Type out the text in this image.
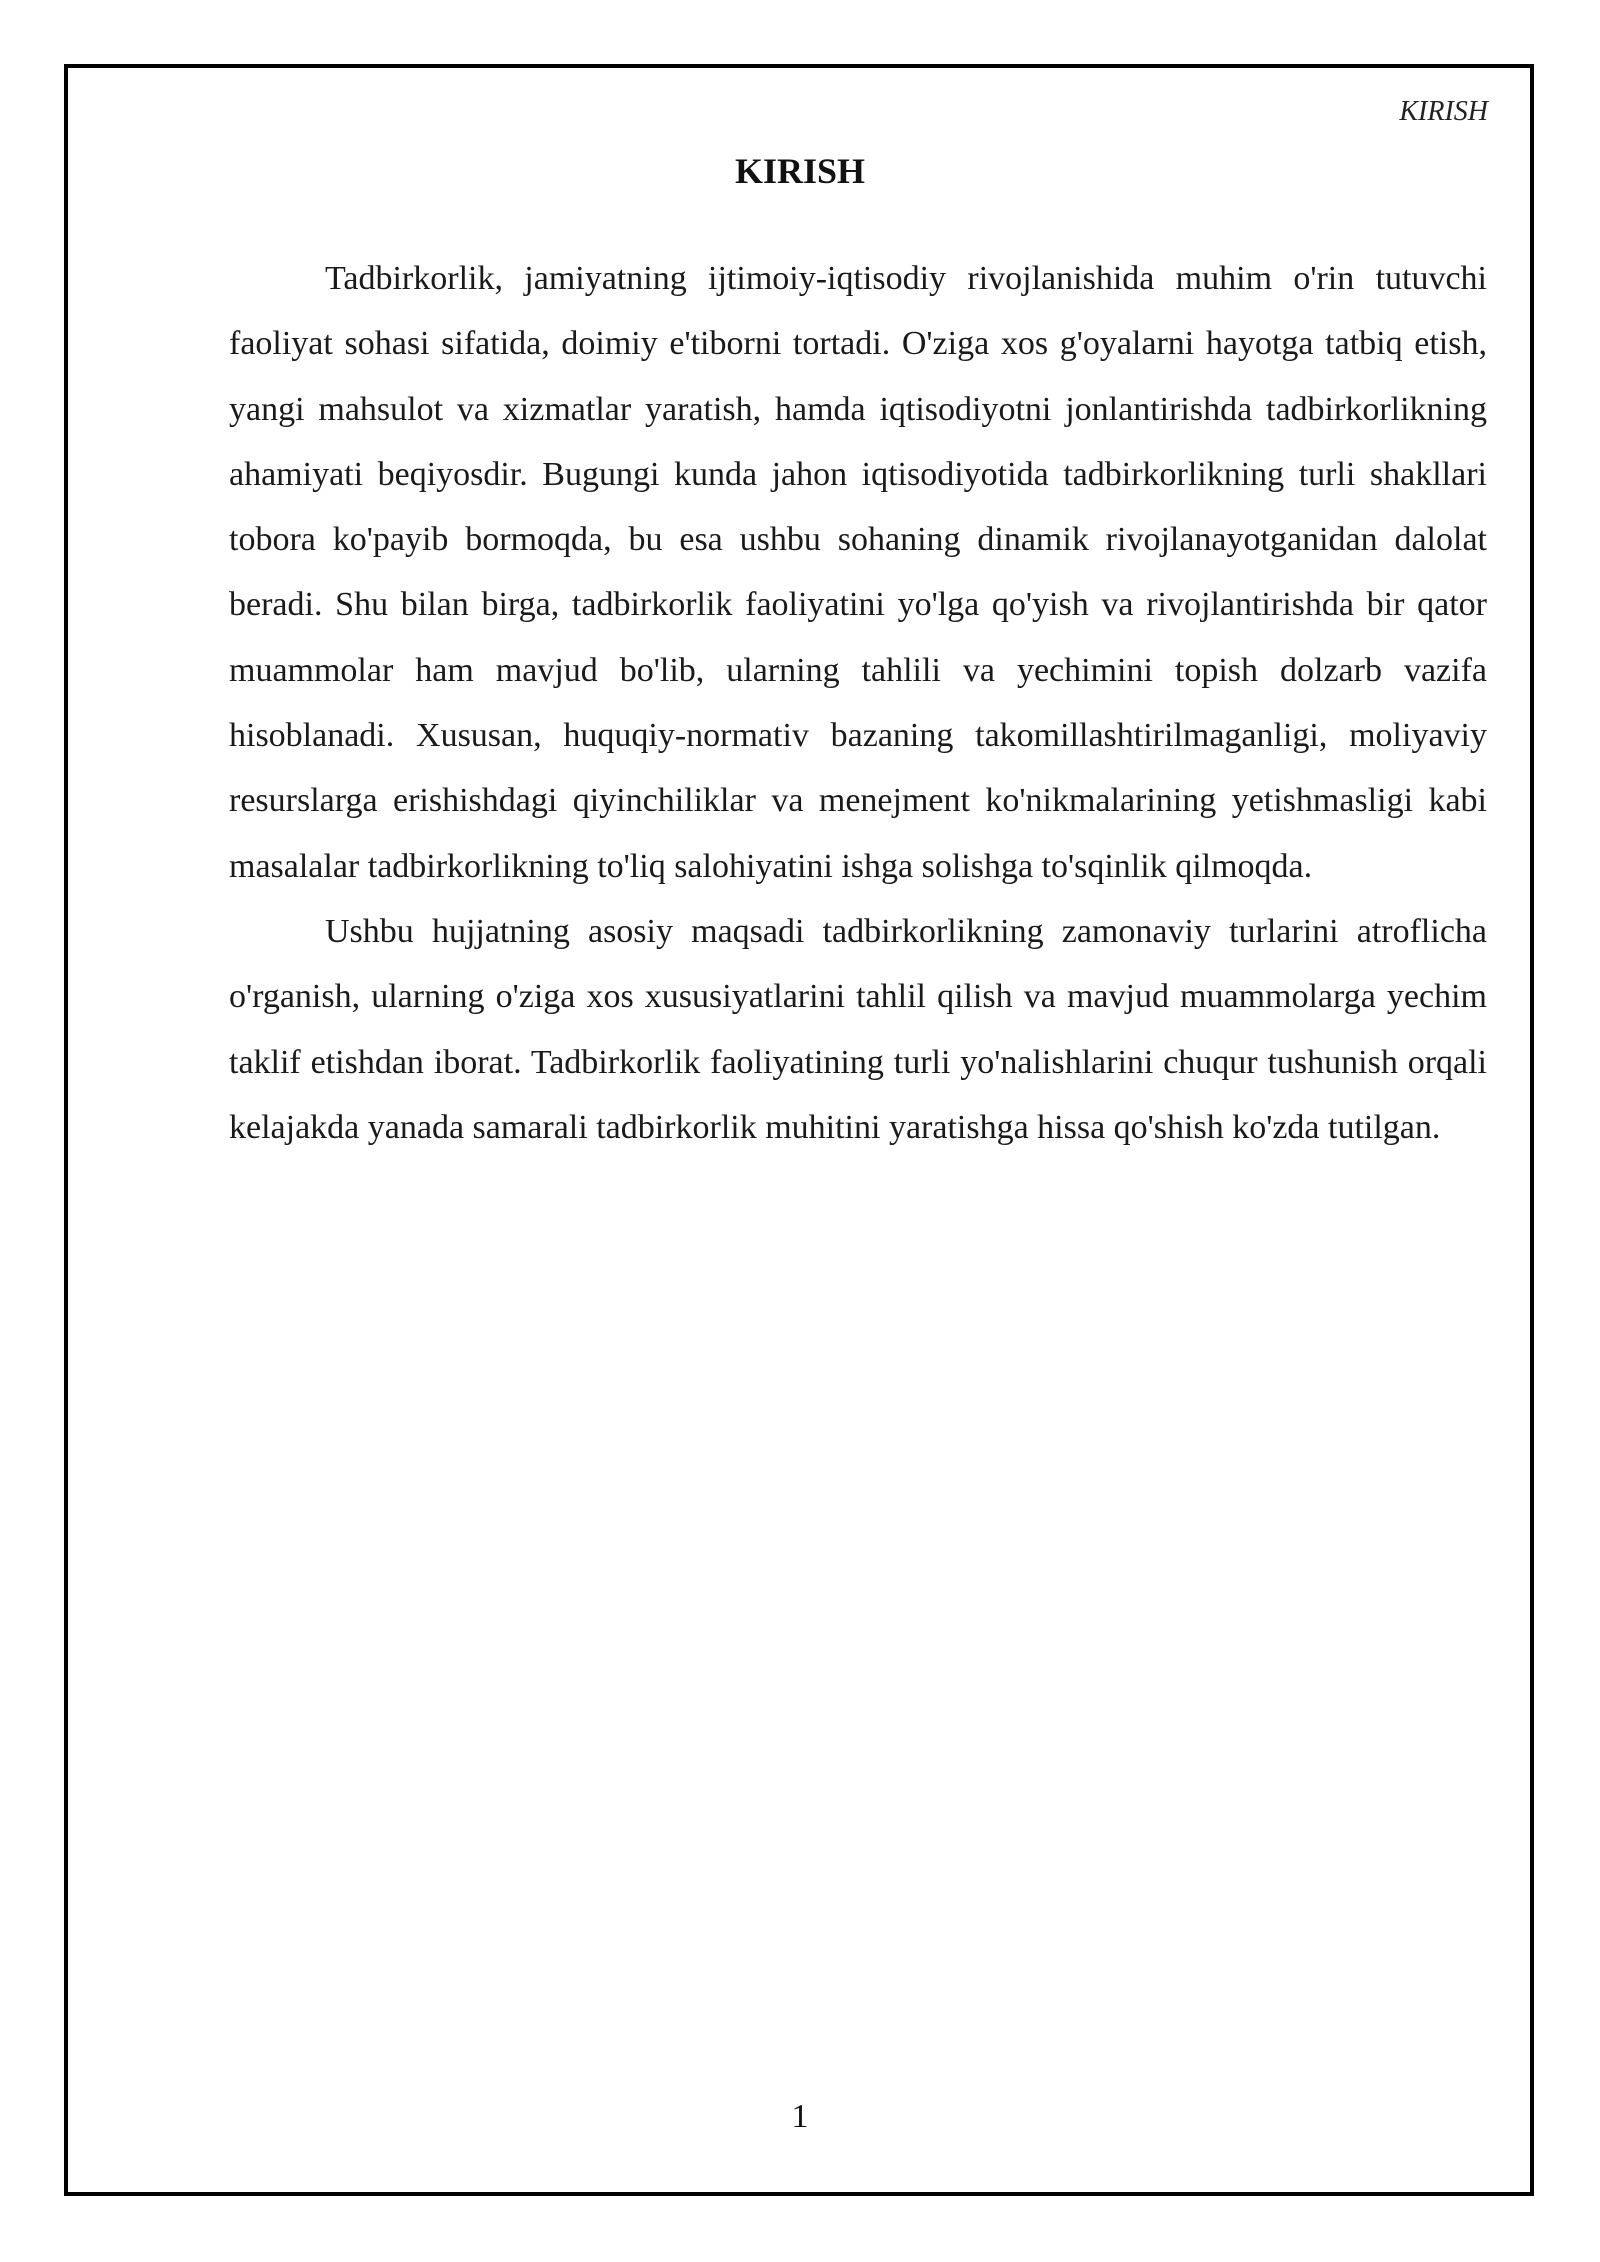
KIRISH
KIRISH

Tadbirkorlik, jamiyatning ijtimoiy-iqtisodiy rivojlanishida muhim o'rin tutuvchi faoliyat sohasi sifatida, doimiy e'tiborni tortadi. O'ziga xos g'oyalarni hayotga tatbiq etish, yangi mahsulot va xizmatlar yaratish, hamda iqtisodiyotni jonlantirishda tadbirkorlikning ahamiyati beqiyosdir. Bugungi kunda jahon iqtisodiyotida tadbirkorlikning turli shakllari tobora ko'payib bormoqda, bu esa ushbu sohaning dinamik rivojlanayotganidan dalolat beradi. Shu bilan birga, tadbirkorlik faoliyatini yo'lga qo'yish va rivojlantirishda bir qator muammolar ham mavjud bo'lib, ularning tahlili va yechimini topish dolzarb vazifa hisoblanadi. Xususan, huquqiy-normativ bazaning takomillashtirilmaganligi, moliyaviy resurslarga erishishdagi qiyinchiliklar va menejment ko'nikmalarining yetishmasligi kabi masalalar tadbirkorlikning to'liq salohiyatini ishga solishga to'sqinlik qilmoqda.

Ushbu hujjatning asosiy maqsadi tadbirkorlikning zamonaviy turlarini atroflicha o'rganish, ularning o'ziga xos xususiyatlarini tahlil qilish va mavjud muammolarga yechim taklif etishdan iborat. Tadbirkorlik faoliyatining turli yo'nalishlarini chuqur tushunish orqali kelajakda yanada samarali tadbirkorlik muhitini yaratishga hissa qo'shish ko'zda tutilgan.

1
